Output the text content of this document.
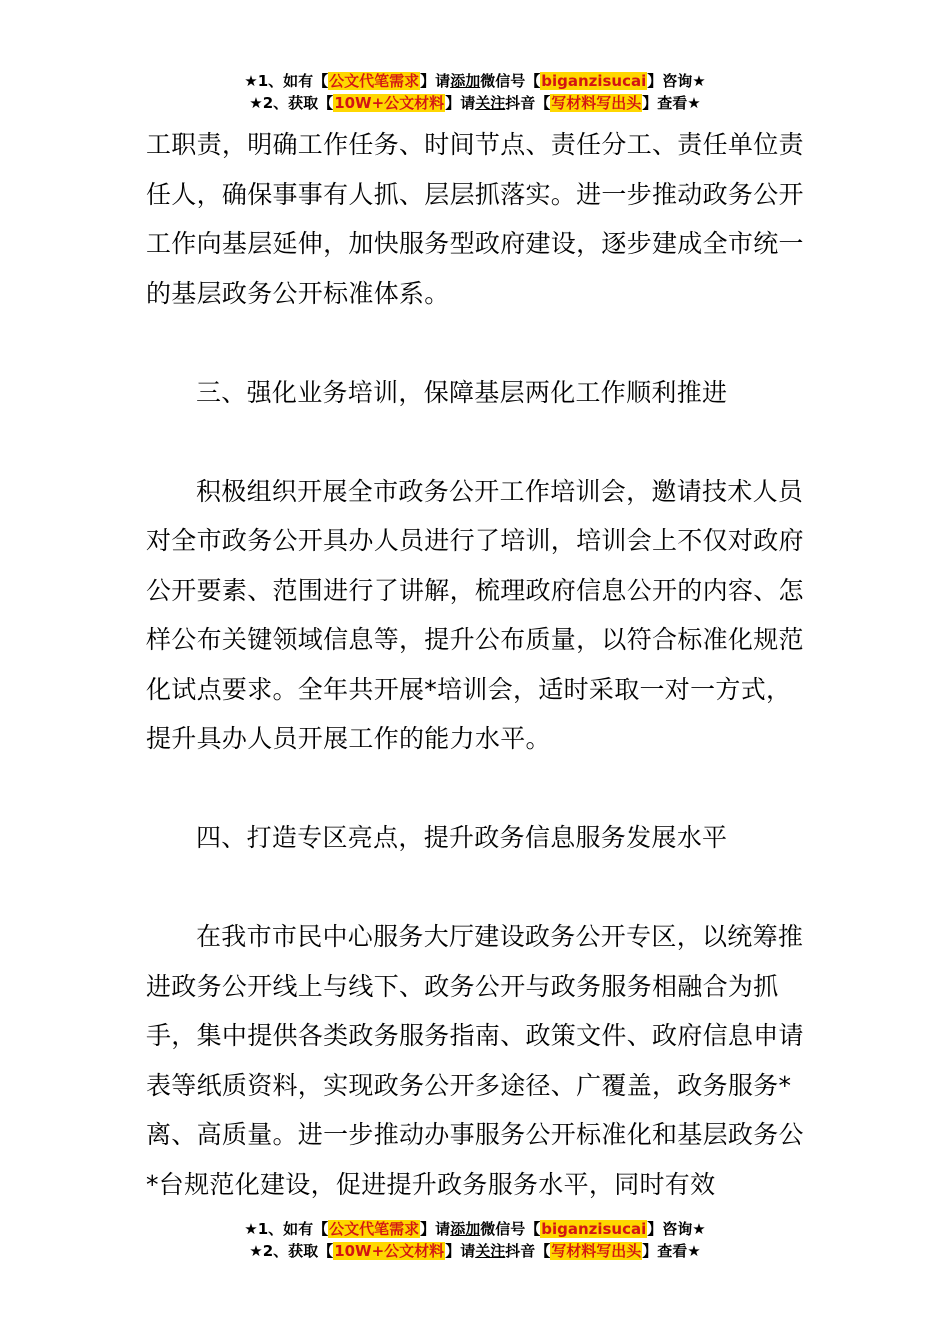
★1、如有【公文代笔需求】请添加微信号【biganzisucai】咨询★
★2、获取【10W+公文材料】请关注抖音【写材料写出头】查看★

工职责，明确工作任务、时间节点、责任分工、责任单位责任人，确保事事有人抓、层层抓落实。进一步推动政务公开工作向基层延伸，加快服务型政府建设，逐步建成全市统一的基层政务公开标准体系。

三、强化业务培训，保障基层两化工作顺利推进

积极组织开展全市政务公开工作培训会，邀请技术人员对全市政务公开具办人员进行了培训，培训会上不仅对政府公开要素、范围进行了讲解，梳理政府信息公开的内容、怎样公布关键领域信息等，提升公布质量，以符合标准化规范化试点要求。全年共开展*培训会，适时采取一对一方式，提升具办人员开展工作的能力水平。

四、打造专区亮点，提升政务信息服务发展水平

在我市市民中心服务大厅建设政务公开专区，以统筹推进政务公开线上与线下、政务公开与政务服务相融合为抓手，集中提供各类政务服务指南、政策文件、政府信息申请表等纸质资料，实现政务公开多途径、广覆盖，政务服务*离、高质量。进一步推动办事服务公开标准化和基层政务公*台规范化建设，促进提升政务服务水平，同时有效

★1、如有【公文代笔需求】请添加微信号【biganzisucai】咨询★
★2、获取【10W+公文材料】请关注抖音【写材料写出头】查看★
